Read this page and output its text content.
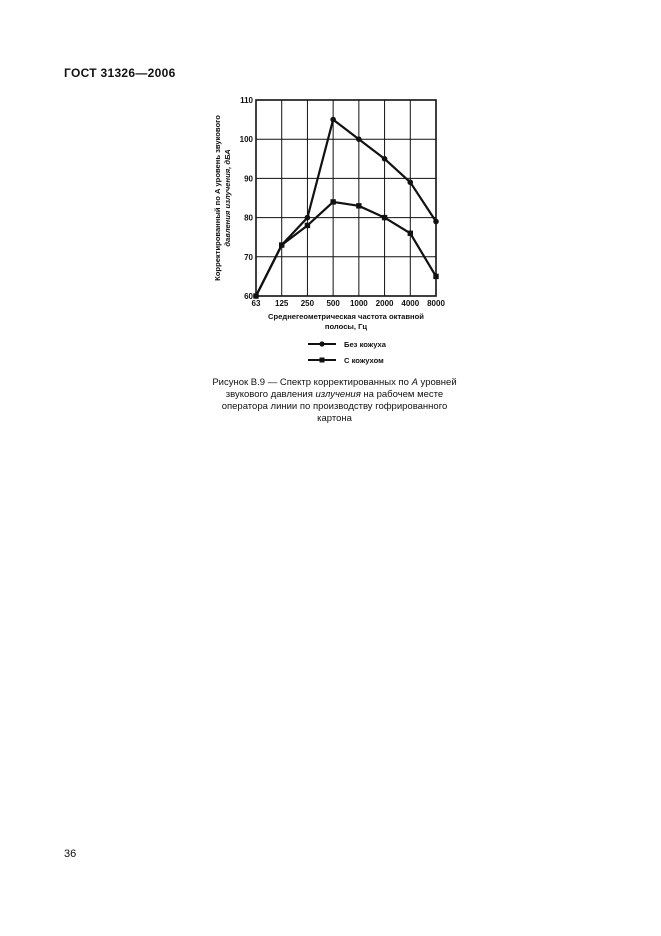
ГОСТ 31326—2006
60
70
80
90
100
110
63 125 250 500 1000 2000 4000 8000
Корректированный по А уровень звукового давления излучения, дБА
Среднегеометрическая частота октавной
полосы, Гц
Без кожуха
С кожухом
Рисунок В.9 — Спектр корректированных по А уровней звукового давления излучения на рабочем месте оператора линии по производству гофрированного картона
36
